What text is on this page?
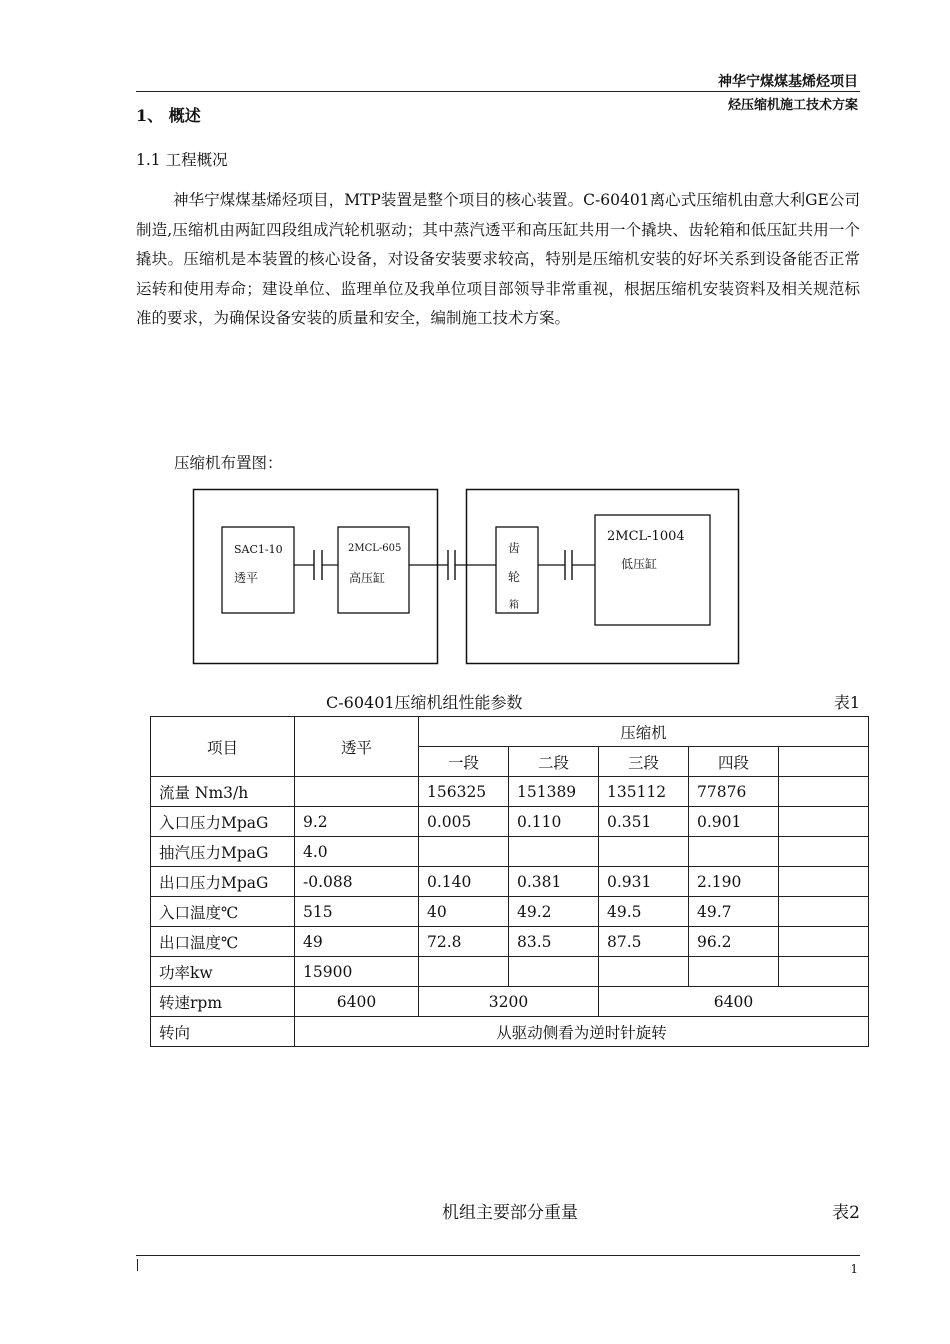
神华宁煤煤基烯烃项目
烃压缩机施工技术方案
1、 概述
1.1 工程概况
神华宁煤煤基烯烃项目，MTP装置是整个项目的核心装置。C-60401离心式压缩机由意大利GE公司制造,压缩机由两缸四段组成汽轮机驱动；其中蒸汽透平和高压缸共用一个撬块、齿轮箱和低压缸共用一个撬块。压缩机是本装置的核心设备，对设备安装要求较高，特别是压缩机安装的好坏关系到设备能否正常运转和使用寿命；建设单位、监理单位及我单位项目部领导非常重视，根据压缩机安装资料及相关规范标准的要求，为确保设备安装的质量和安全，编制施工技术方案。
压缩机布置图：
SAC1-10
透平
2MCL-605
高压缸
齿
轮
箱
2MCL-1004
低压缸
C-60401压缩机组性能参数	表1
项目	透平	压缩机				
		一段	二段	三段	四段	
流量 Nm3/h		156325	151389	135112	77876	
入口压力MpaG	9.2	0.005	0.110	0.351	0.901	
抽汽压力MpaG	4.0					
出口压力MpaG	-0.088	0.140	0.381	0.931	2.190	
入口温度℃	515	40	49.2	49.5	49.7	
出口温度℃	49	72.8	83.5	87.5	96.2	
功率kw	15900					
转速rpm	6400	3200		6400		
转向	从驱动侧看为逆时针旋转					
机组主要部分重量	表2
1
